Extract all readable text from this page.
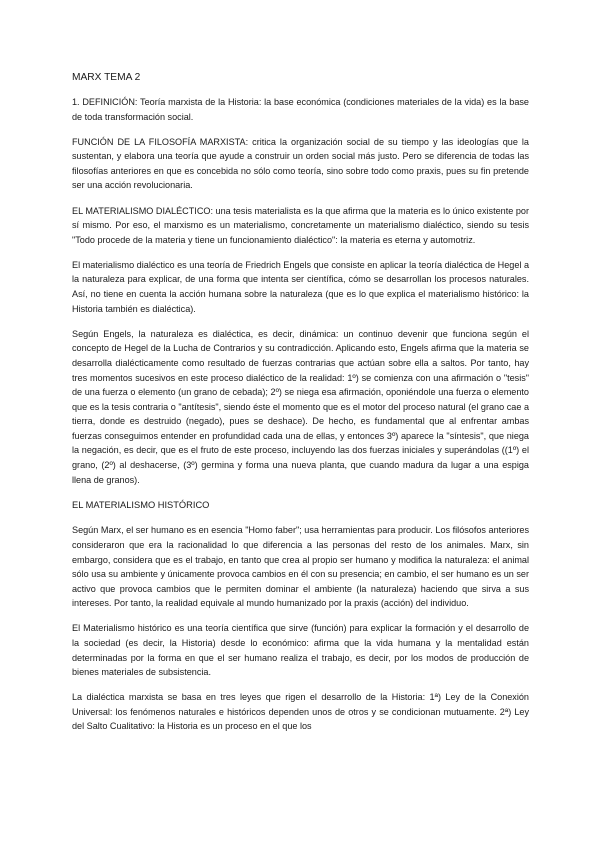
MARX TEMA 2

1. DEFINICIÓN: Teoría marxista de la Historia: la base económica (condiciones materiales de la vida) es la base de toda transformación social.

FUNCIÓN DE LA FILOSOFÍA MARXISTA: critica la organización social de su tiempo y las ideologías que la sustentan, y elabora una teoría que ayude a construir un orden social más justo. Pero se diferencia de todas las filosofías anteriores en que es concebida no sólo como teoría, sino sobre todo como praxis, pues su fin pretende ser una acción revolucionaria.

EL MATERIALISMO DIALÉCTICO: una tesis materialista es la que afirma que la materia es lo único existente por sí mismo. Por eso, el marxismo es un materialismo, concretamente un materialismo dialéctico, siendo su tesis "Todo procede de la materia y tiene un funcionamiento dialéctico": la materia es eterna y automotriz.

El materialismo dialéctico es una teoría de Friedrich Engels que consiste en aplicar la teoría dialéctica de Hegel a la naturaleza para explicar, de una forma que intenta ser científica, cómo se desarrollan los procesos naturales. Así, no tiene en cuenta la acción humana sobre la naturaleza (que es lo que explica el materialismo histórico: la Historia también es dialéctica).

Según Engels, la naturaleza es dialéctica, es decir, dinámica: un continuo devenir que funciona según el concepto de Hegel de la Lucha de Contrarios y su contradicción. Aplicando esto, Engels afirma que la materia se desarrolla dialécticamente como resultado de fuerzas contrarias que actúan sobre ella a saltos. Por tanto, hay tres momentos sucesivos en este proceso dialéctico de la realidad: 1º) se comienza con una afirmación o "tesis" de una fuerza o elemento (un grano de cebada); 2º) se niega esa afirmación, oponiéndole una fuerza o elemento que es la tesis contraria o "antítesis", siendo éste el momento que es el motor del proceso natural (el grano cae a tierra, donde es destruido (negado), pues se deshace). De hecho, es fundamental que al enfrentar ambas fuerzas conseguimos entender en profundidad cada una de ellas, y entonces 3º) aparece la "síntesis", que niega la negación, es decir, que es el fruto de este proceso, incluyendo las dos fuerzas iniciales y superándolas ((1º) el grano, (2º) al deshacerse, (3º) germina y forma una nueva planta, que cuando madura da lugar a una espiga llena de granos).

EL MATERIALISMO HISTÓRICO

Según Marx, el ser humano es en esencia "Homo faber"; usa herramientas para producir. Los filósofos anteriores consideraron que era la racionalidad lo que diferencia a las personas del resto de los animales. Marx, sin embargo, considera que es el trabajo, en tanto que crea al propio ser humano y modifica la naturaleza: el animal sólo usa su ambiente y únicamente provoca cambios en él con su presencia; en cambio, el ser humano es un ser activo que provoca cambios que le permiten dominar el ambiente (la naturaleza) haciendo que sirva a sus intereses. Por tanto, la realidad equivale al mundo humanizado por la praxis (acción) del individuo.

El Materialismo histórico es una teoría científica que sirve (función) para explicar la formación y el desarrollo de la sociedad (es decir, la Historia) desde lo económico: afirma que la vida humana y la mentalidad están determinadas por la forma en que el ser humano realiza el trabajo, es decir, por los modos de producción de bienes materiales de subsistencia.

La dialéctica marxista se basa en tres leyes que rigen el desarrollo de la Historia: 1ª) Ley de la Conexión Universal: los fenómenos naturales e históricos dependen unos de otros y se condicionan mutuamente. 2ª) Ley del Salto Cualitativo: la Historia es un proceso en el que los
